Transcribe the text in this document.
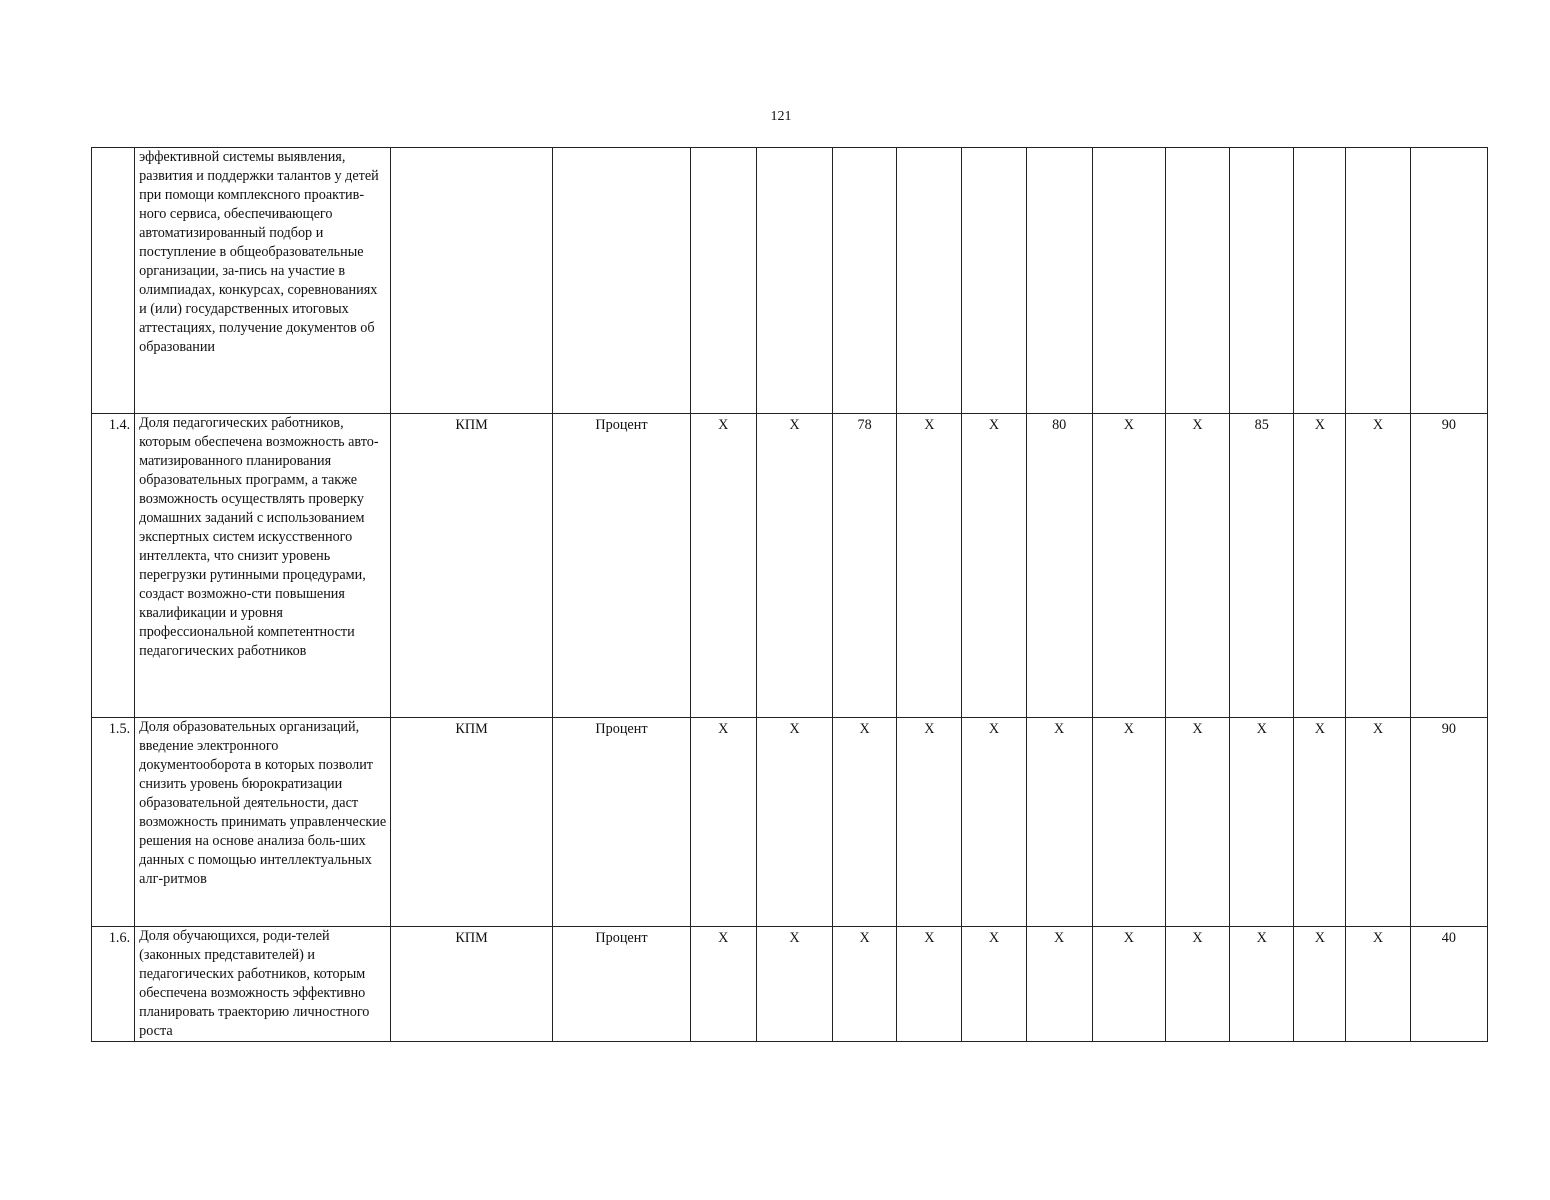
121
	эффективной системы выявления, развития и поддержки талантов у детей при помощи комплексного проактив-ного сервиса, обеспечивающего автоматизированный подбор и поступление в общеобразовательные организации, за-пись на участие в олимпиадах, конкурсах, соревнованиях и (или) государственных итоговых аттестациях, получение документов об образовании														
1.4.	Доля педагогических работников, которым обеспечена возможность авто-матизированного планирования образовательных программ, а также возможность осуществлять проверку домашних заданий с использованием экспертных систем искусственного интеллекта, что снизит уровень перегрузки рутинными процедурами, создаст возможно-сти повышения квалификации и уровня профессиональной компетентности педагогических работников	КПМ	Процент	X	X	78	X	X	80	X	X	85	X	X	90
1.5.	Доля образовательных организаций, введение электронного документооборота в которых позволит снизить уровень бюрократизации образовательной деятельности, даст возможность принимать управленческие решения на основе анализа боль-ших данных с помощью интеллектуальных алг-ритмов	КПМ	Процент	X	X	X	X	X	X	X	X	X	X	X	90
1.6.	Доля обучающихся, роди-телей (законных представителей) и педагогических работников, которым обеспечена возможность эффективно планировать траекторию личностного роста	КПМ	Процент	X	X	X	X	X	X	X	X	X	X	X	40
